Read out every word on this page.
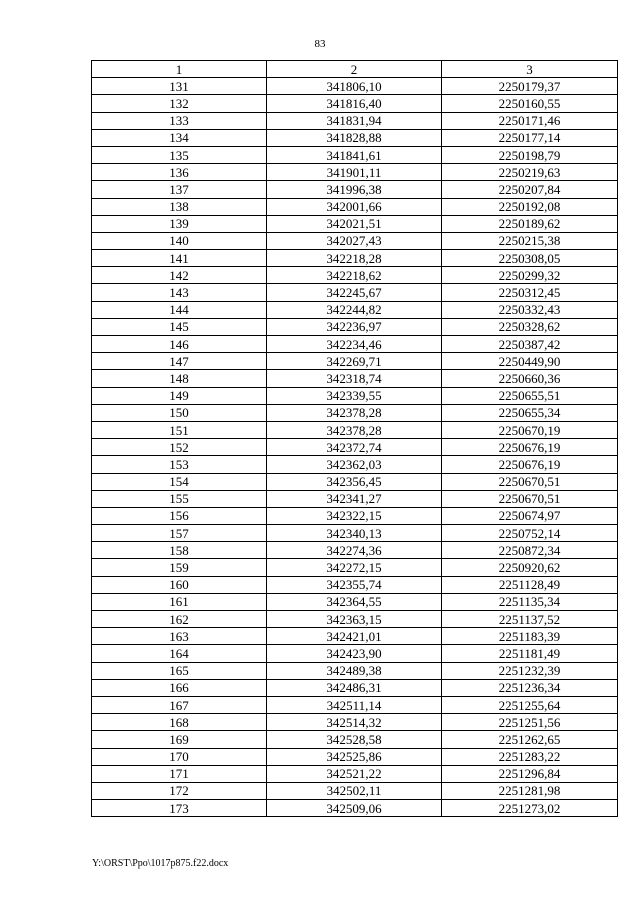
83
1	2	3
131	341806,10	2250179,37
132	341816,40	2250160,55
133	341831,94	2250171,46
134	341828,88	2250177,14
135	341841,61	2250198,79
136	341901,11	2250219,63
137	341996,38	2250207,84
138	342001,66	2250192,08
139	342021,51	2250189,62
140	342027,43	2250215,38
141	342218,28	2250308,05
142	342218,62	2250299,32
143	342245,67	2250312,45
144	342244,82	2250332,43
145	342236,97	2250328,62
146	342234,46	2250387,42
147	342269,71	2250449,90
148	342318,74	2250660,36
149	342339,55	2250655,51
150	342378,28	2250655,34
151	342378,28	2250670,19
152	342372,74	2250676,19
153	342362,03	2250676,19
154	342356,45	2250670,51
155	342341,27	2250670,51
156	342322,15	2250674,97
157	342340,13	2250752,14
158	342274,36	2250872,34
159	342272,15	2250920,62
160	342355,74	2251128,49
161	342364,55	2251135,34
162	342363,15	2251137,52
163	342421,01	2251183,39
164	342423,90	2251181,49
165	342489,38	2251232,39
166	342486,31	2251236,34
167	342511,14	2251255,64
168	342514,32	2251251,56
169	342528,58	2251262,65
170	342525,86	2251283,22
171	342521,22	2251296,84
172	342502,11	2251281,98
173	342509,06	2251273,02
Y:\ORST\Ppo\1017p875.f22.docx
